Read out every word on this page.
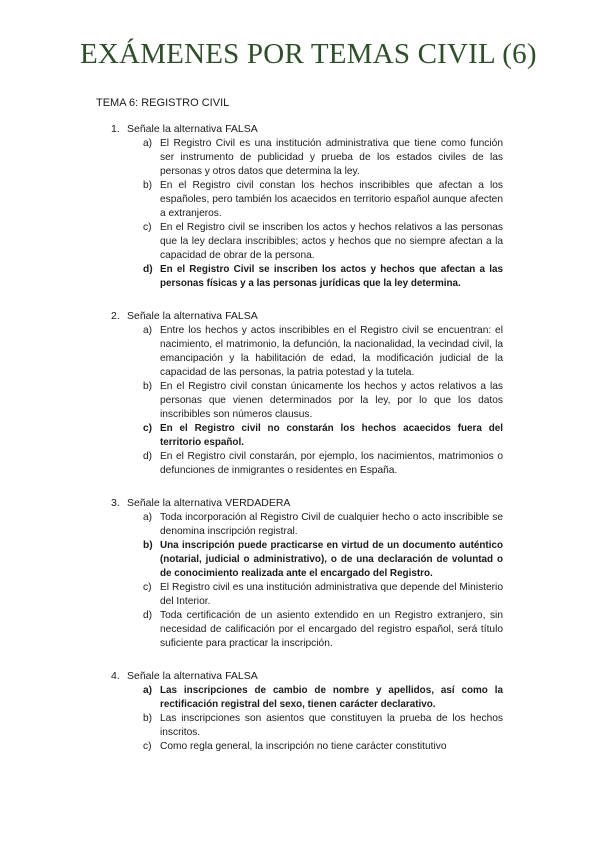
EXÁMENES POR TEMAS CIVIL (6)
TEMA 6: REGISTRO CIVIL
1. Señale la alternativa FALSA
a) El Registro Civil es una institución administrativa que tiene como función ser instrumento de publicidad y prueba de los estados civiles de las personas y otros datos que determina la ley.
b) En el Registro civil constan los hechos inscribibles que afectan a los españoles, pero también los acaecidos en territorio español aunque afecten a extranjeros.
c) En el Registro civil se inscriben los actos y hechos relativos a las personas que la ley declara inscribibles; actos y hechos que no siempre afectan a la capacidad de obrar de la persona.
d) En el Registro Civil se inscriben los actos y hechos que afectan a las personas físicas y a las personas jurídicas que la ley determina.
2. Señale la alternativa FALSA
a) Entre los hechos y actos inscribibles en el Registro civil se encuentran: el nacimiento, el matrimonio, la defunción, la nacionalidad, la vecindad civil, la emancipación y la habilitación de edad, la modificación judicial de la capacidad de las personas, la patria potestad y la tutela.
b) En el Registro civil constan únicamente los hechos y actos relativos a las personas que vienen determinados por la ley, por lo que los datos inscribibles son números clausus.
c) En el Registro civil no constarán los hechos acaecidos fuera del territorio español.
d) En el Registro civil constarán, por ejemplo, los nacimientos, matrimonios o defunciones de inmigrantes o residentes en España.
3. Señale la alternativa VERDADERA
a) Toda incorporación al Registro Civil de cualquier hecho o acto inscribible se denomina inscripción registral.
b) Una inscripción puede practicarse en virtud de un documento auténtico (notarial, judicial o administrativo), o de una declaración de voluntad o de conocimiento realizada ante el encargado del Registro.
c) El Registro civil es una institución administrativa que depende del Ministerio del Interior.
d) Toda certificación de un asiento extendido en un Registro extranjero, sin necesidad de calificación por el encargado del registro español, será título suficiente para practicar la inscripción.
4. Señale la alternativa FALSA
a) Las inscripciones de cambio de nombre y apellidos, así como la rectificación registral del sexo, tienen carácter declarativo.
b) Las inscripciones son asientos que constituyen la prueba de los hechos inscritos.
c) Como regla general, la inscripción no tiene carácter constitutivo
